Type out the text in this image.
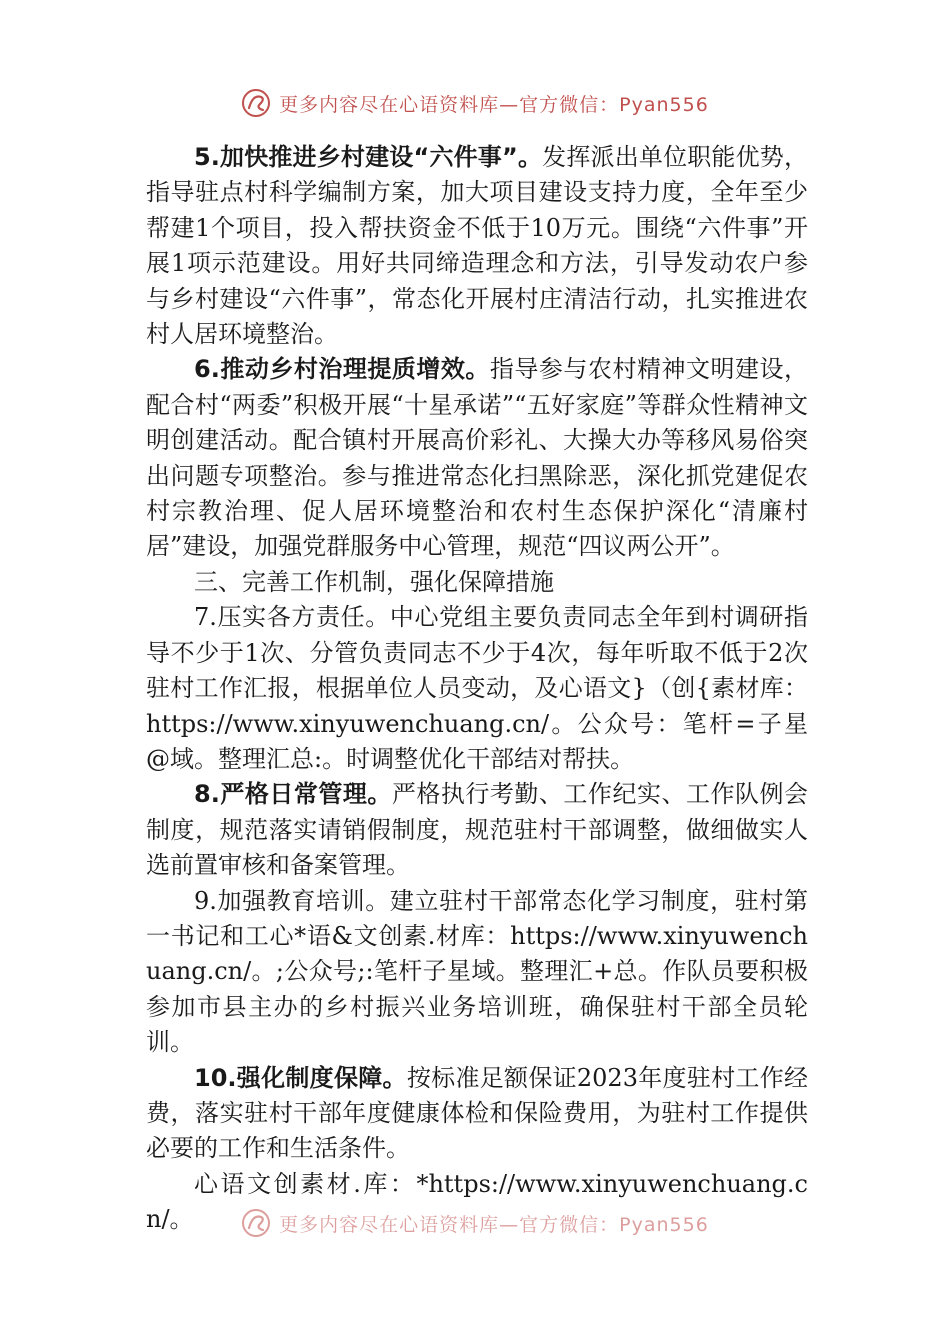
更多内容尽在心语资料库—官方微信：Pyan556

5.加快推进乡村建设“六件事”。发挥派出单位职能优势，指导驻点村科学编制方案，加大项目建设支持力度，全年至少帮建1个项目，投入帮扶资金不低于10万元。围绕“六件事”开展1项示范建设。用好共同缔造理念和方法，引导发动农户参与乡村建设“六件事”，常态化开展村庄清洁行动，扎实推进农村人居环境整治。

6.推动乡村治理提质增效。指导参与农村精神文明建设，配合村“两委”积极开展“十星承诺”“五好家庭”等群众性精神文明创建活动。配合镇村开展高价彩礼、大操大办等移风易俗突出问题专项整治。参与推进常态化扫黑除恶，深化抓党建促农村宗教治理、促人居环境整治和农村生态保护深化“清廉村居”建设，加强党群服务中心管理，规范“四议两公开”。

三、完善工作机制，强化保障措施

7.压实各方责任。中心党组主要负责同志全年到村调研指导不少于1次、分管负责同志不少于4次，每年听取不低于2次驻村工作汇报，根据单位人员变动，及心语文}（创{素材库：https://www.xinyuwenchuang.cn/。公众号：笔杆=子星@域。整理汇总:。时调整优化干部结对帮扶。

8.严格日常管理。严格执行考勤、工作纪实、工作队例会制度，规范落实请销假制度，规范驻村干部调整，做细做实人选前置审核和备案管理。

9.加强教育培训。建立驻村干部常态化学习制度，驻村第一书记和工心*语&文创素.材库：https://www.xinyuwenchuang.cn/。;公众号;:笔杆子星域。整理汇+总。作队员要积极参加市县主办的乡村振兴业务培训班，确保驻村干部全员轮训。

10.强化制度保障。按标准足额保证2023年度驻村工作经费，落实驻村干部年度健康体检和保险费用，为驻村工作提供必要的工作和生活条件。

心语文创素材.库：*https://www.xinyuwenchuang.cn/。	更多内容尽在心语资料库—官方微信：Pyan556
